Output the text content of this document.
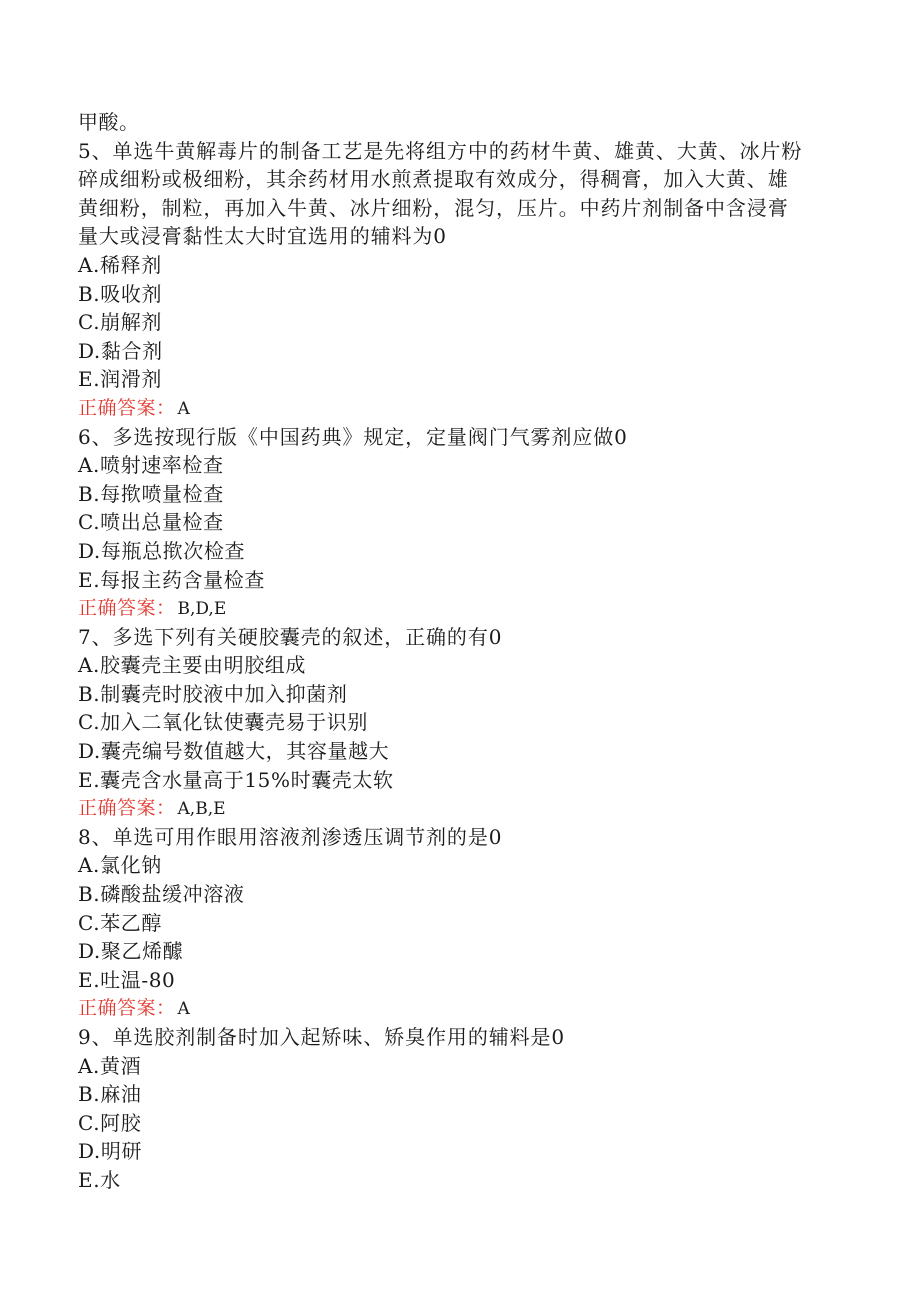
甲酸。
5、单选牛黄解毒片的制备工艺是先将组方中的药材牛黄、雄黄、大黄、冰片粉
碎成细粉或极细粉，其余药材用水煎煮提取有效成分，得稠膏，加入大黄、雄
黄细粉，制粒，再加入牛黄、冰片细粉，混匀，压片。中药片剂制备中含浸膏
量大或浸膏黏性太大时宜选用的辅料为0
A.稀释剂
B.吸收剂
C.崩解剂
D.黏合剂
E.润滑剂
正确答案： A
6、多选按现行版《中国药典》规定，定量阀门气雾剂应做0
A.喷射速率检查
B.每揿喷量检查
C.喷出总量检查
D.每瓶总揿次检查
E.每报主药含量检查
正确答案： B,D,E
7、多选下列有关硬胶囊壳的叙述，正确的有0
A.胶囊壳主要由明胶组成
B.制囊壳时胶液中加入抑菌剂
C.加入二氧化钛使囊壳易于识别
D.囊壳编号数值越大，其容量越大
E.囊壳含水量高于15%时囊壳太软
正确答案： A,B,E
8、单选可用作眼用溶液剂渗透压调节剂的是0
A.氯化钠
B.磷酸盐缓冲溶液
C.苯乙醇
D.聚乙烯醵
E.吐温-80
正确答案： A
9、单选胶剂制备时加入起矫味、矫臭作用的辅料是0
A.黄酒
B.麻油
C.阿胶
D.明研
E.水
